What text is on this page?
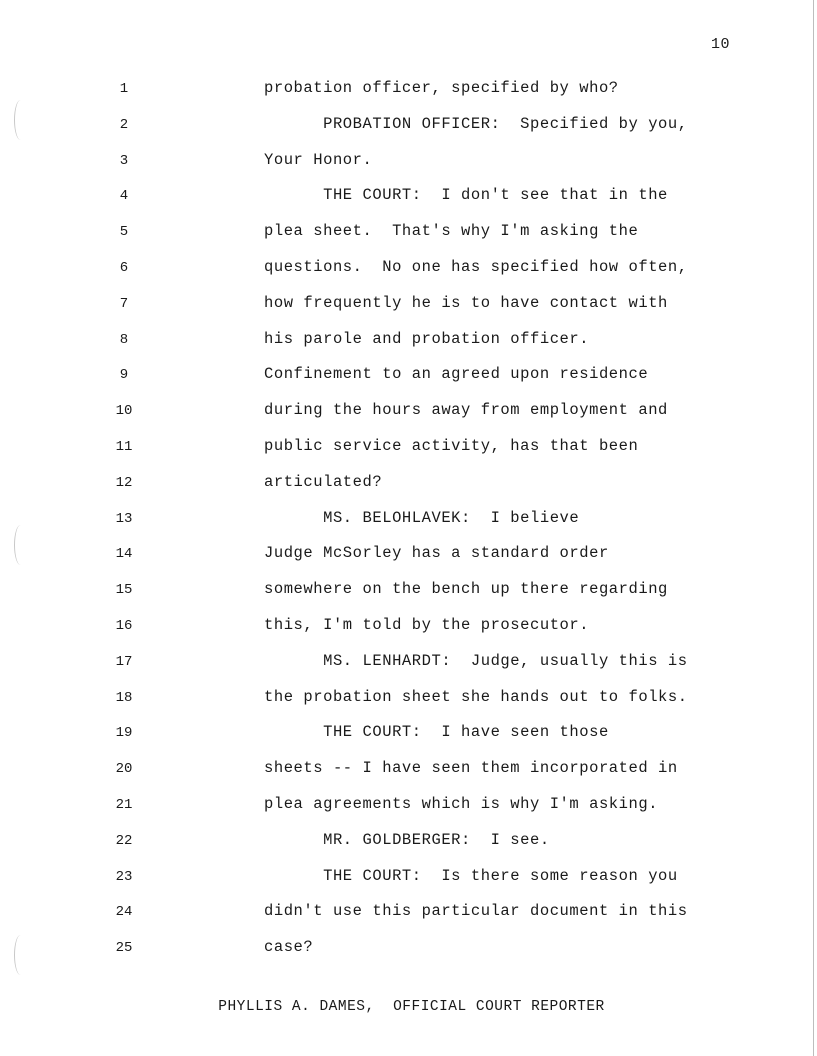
10
1	probation officer, specified by who?
2	PROBATION OFFICER:  Specified by you,
3	Your Honor.
4	THE COURT:  I don't see that in the
5	plea sheet.  That's why I'm asking the
6	questions.  No one has specified how often,
7	how frequently he is to have contact with
8	his parole and probation officer.
9	Confinement to an agreed upon residence
10	during the hours away from employment and
11	public service activity, has that been
12	articulated?
13	MS. BELOHLAVEK:  I believe
14	Judge McSorley has a standard order
15	somewhere on the bench up there regarding
16	this, I'm told by the prosecutor.
17	MS. LENHARDT:  Judge, usually this is
18	the probation sheet she hands out to folks.
19	THE COURT:  I have seen those
20	sheets -- I have seen them incorporated in
21	plea agreements which is why I'm asking.
22	MR. GOLDBERGER:  I see.
23	THE COURT:  Is there some reason you
24	didn't use this particular document in this
25	case?
PHYLLIS A. DAMES,  OFFICIAL COURT REPORTER
